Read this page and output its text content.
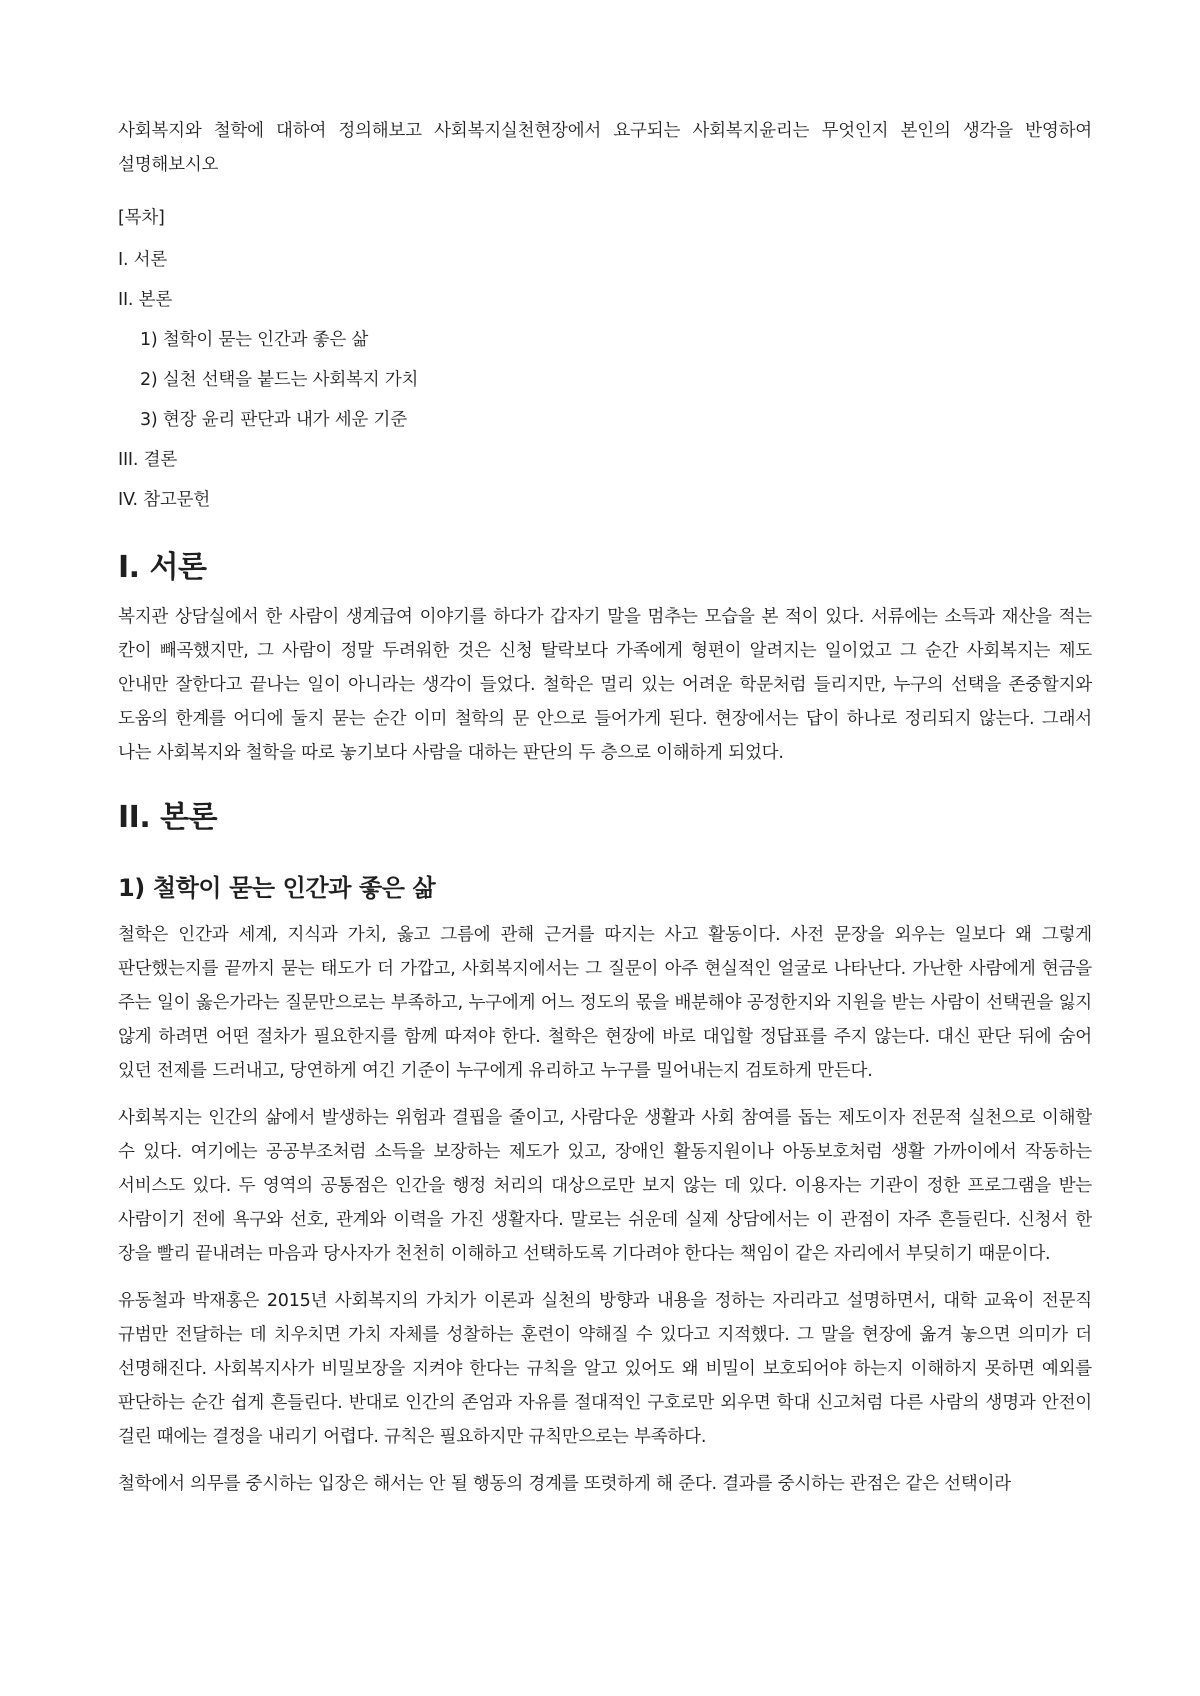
사회복지와 철학에 대하여 정의해보고 사회복지실천현장에서 요구되는 사회복지윤리는 무엇인지 본인의 생각을 반영하여 설명해보시오

[목차]

I. 서론

II. 본론

1) 철학이 묻는 인간과 좋은 삶

2) 실천 선택을 붙드는 사회복지 가치

3) 현장 윤리 판단과 내가 세운 기준

III. 결론

IV. 참고문헌

I. 서론

복지관 상담실에서 한 사람이 생계급여 이야기를 하다가 갑자기 말을 멈추는 모습을 본 적이 있다. 서류에는 소득과 재산을 적는 칸이 빼곡했지만, 그 사람이 정말 두려워한 것은 신청 탈락보다 가족에게 형편이 알려지는 일이었고 그 순간 사회복지는 제도 안내만 잘한다고 끝나는 일이 아니라는 생각이 들었다. 철학은 멀리 있는 어려운 학문처럼 들리지만, 누구의 선택을 존중할지와 도움의 한계를 어디에 둘지 묻는 순간 이미 철학의 문 안으로 들어가게 된다. 현장에서는 답이 하나로 정리되지 않는다. 그래서 나는 사회복지와 철학을 따로 놓기보다 사람을 대하는 판단의 두 층으로 이해하게 되었다.

II. 본론
1) 철학이 묻는 인간과 좋은 삶

철학은 인간과 세계, 지식과 가치, 옳고 그름에 관해 근거를 따지는 사고 활동이다. 사전 문장을 외우는 일보다 왜 그렇게 판단했는지를 끝까지 묻는 태도가 더 가깝고, 사회복지에서는 그 질문이 아주 현실적인 얼굴로 나타난다. 가난한 사람에게 현금을 주는 일이 옳은가라는 질문만으로는 부족하고, 누구에게 어느 정도의 몫을 배분해야 공정한지와 지원을 받는 사람이 선택권을 잃지 않게 하려면 어떤 절차가 필요한지를 함께 따져야 한다. 철학은 현장에 바로 대입할 정답표를 주지 않는다. 대신 판단 뒤에 숨어 있던 전제를 드러내고, 당연하게 여긴 기준이 누구에게 유리하고 누구를 밀어내는지 검토하게 만든다.

사회복지는 인간의 삶에서 발생하는 위험과 결핍을 줄이고, 사람다운 생활과 사회 참여를 돕는 제도이자 전문적 실천으로 이해할 수 있다. 여기에는 공공부조처럼 소득을 보장하는 제도가 있고, 장애인 활동지원이나 아동보호처럼 생활 가까이에서 작동하는 서비스도 있다. 두 영역의 공통점은 인간을 행정 처리의 대상으로만 보지 않는 데 있다. 이용자는 기관이 정한 프로그램을 받는 사람이기 전에 욕구와 선호, 관계와 이력을 가진 생활자다. 말로는 쉬운데 실제 상담에서는 이 관점이 자주 흔들린다. 신청서 한 장을 빨리 끝내려는 마음과 당사자가 천천히 이해하고 선택하도록 기다려야 한다는 책임이 같은 자리에서 부딪히기 때문이다.

유동철과 박재홍은 2015년 사회복지의 가치가 이론과 실천의 방향과 내용을 정하는 자리라고 설명하면서, 대학 교육이 전문직 규범만 전달하는 데 치우치면 가치 자체를 성찰하는 훈련이 약해질 수 있다고 지적했다. 그 말을 현장에 옮겨 놓으면 의미가 더 선명해진다. 사회복지사가 비밀보장을 지켜야 한다는 규칙을 알고 있어도 왜 비밀이 보호되어야 하는지 이해하지 못하면 예외를 판단하는 순간 쉽게 흔들린다. 반대로 인간의 존엄과 자유를 절대적인 구호로만 외우면 학대 신고처럼 다른 사람의 생명과 안전이 걸린 때에는 결정을 내리기 어렵다. 규칙은 필요하지만 규칙만으로는 부족하다.

철학에서 의무를 중시하는 입장은 해서는 안 될 행동의 경계를 또렷하게 해 준다. 결과를 중시하는 관점은 같은 선택이라
